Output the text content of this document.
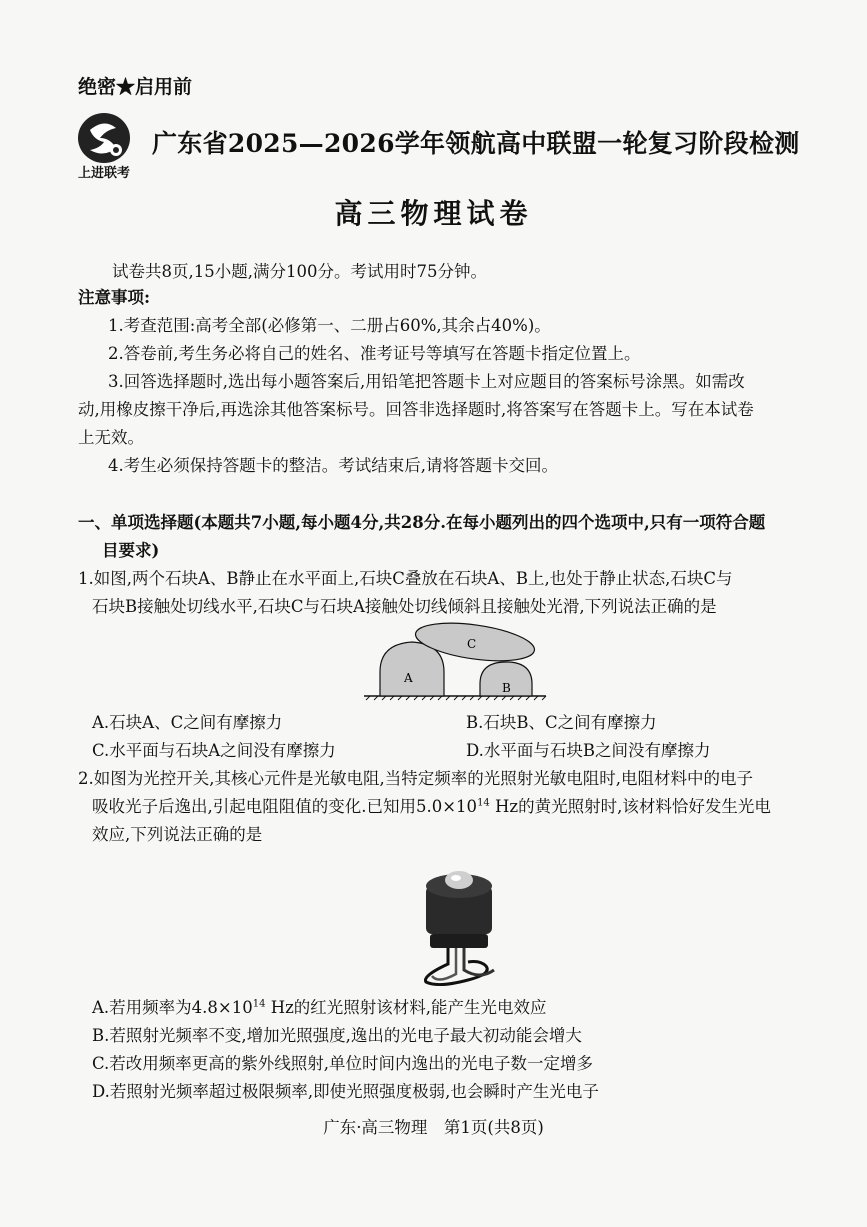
绝密★启用前
上进联考
广东省2025—2026学年领航高中联盟一轮复习阶段检测
高三物理试卷
试卷共8页,15小题,满分100分。考试用时75分钟。
注意事项:
1.考查范围:高考全部(必修第一、二册占60%,其余占40%)。
2.答卷前,考生务必将自己的姓名、准考证号等填写在答题卡指定位置上。
3.回答选择题时,选出每小题答案后,用铅笔把答题卡上对应题目的答案标号涂黑。如需改
动,用橡皮擦干净后,再选涂其他答案标号。回答非选择题时,将答案写在答题卡上。写在本试卷
上无效。
4.考生必须保持答题卡的整洁。考试结束后,请将答题卡交回。
一、单项选择题(本题共7小题,每小题4分,共28分.在每小题列出的四个选项中,只有一项符合题
目要求)
1.如图,两个石块A、B静止在水平面上,石块C叠放在石块A、B上,也处于静止状态,石块C与
石块B接触处切线水平,石块C与石块A接触处切线倾斜且接触处光滑,下列说法正确的是
A
B
C
A.石块A、C之间有摩擦力	B.石块B、C之间有摩擦力
C.水平面与石块A之间没有摩擦力	D.水平面与石块B之间没有摩擦力
2.如图为光控开关,其核心元件是光敏电阻,当特定频率的光照射光敏电阻时,电阻材料中的电子
吸收光子后逸出,引起电阻阻值的变化.已知用$5.0\times 10^{14}$ Hz的黄光照射时,该材料恰好发生光电
效应,下列说法正确的是
A.若用频率为$4.8\times 10^{14}$ Hz的红光照射该材料,能产生光电效应
B.若照射光频率不变,增加光照强度,逸出的光电子最大初动能会增大
C.若改用频率更高的紫外线照射,单位时间内逸出的光电子数一定增多
D.若照射光频率超过极限频率,即使光照强度极弱,也会瞬时产生光电子
广东·高三物理　第1页(共8页)
